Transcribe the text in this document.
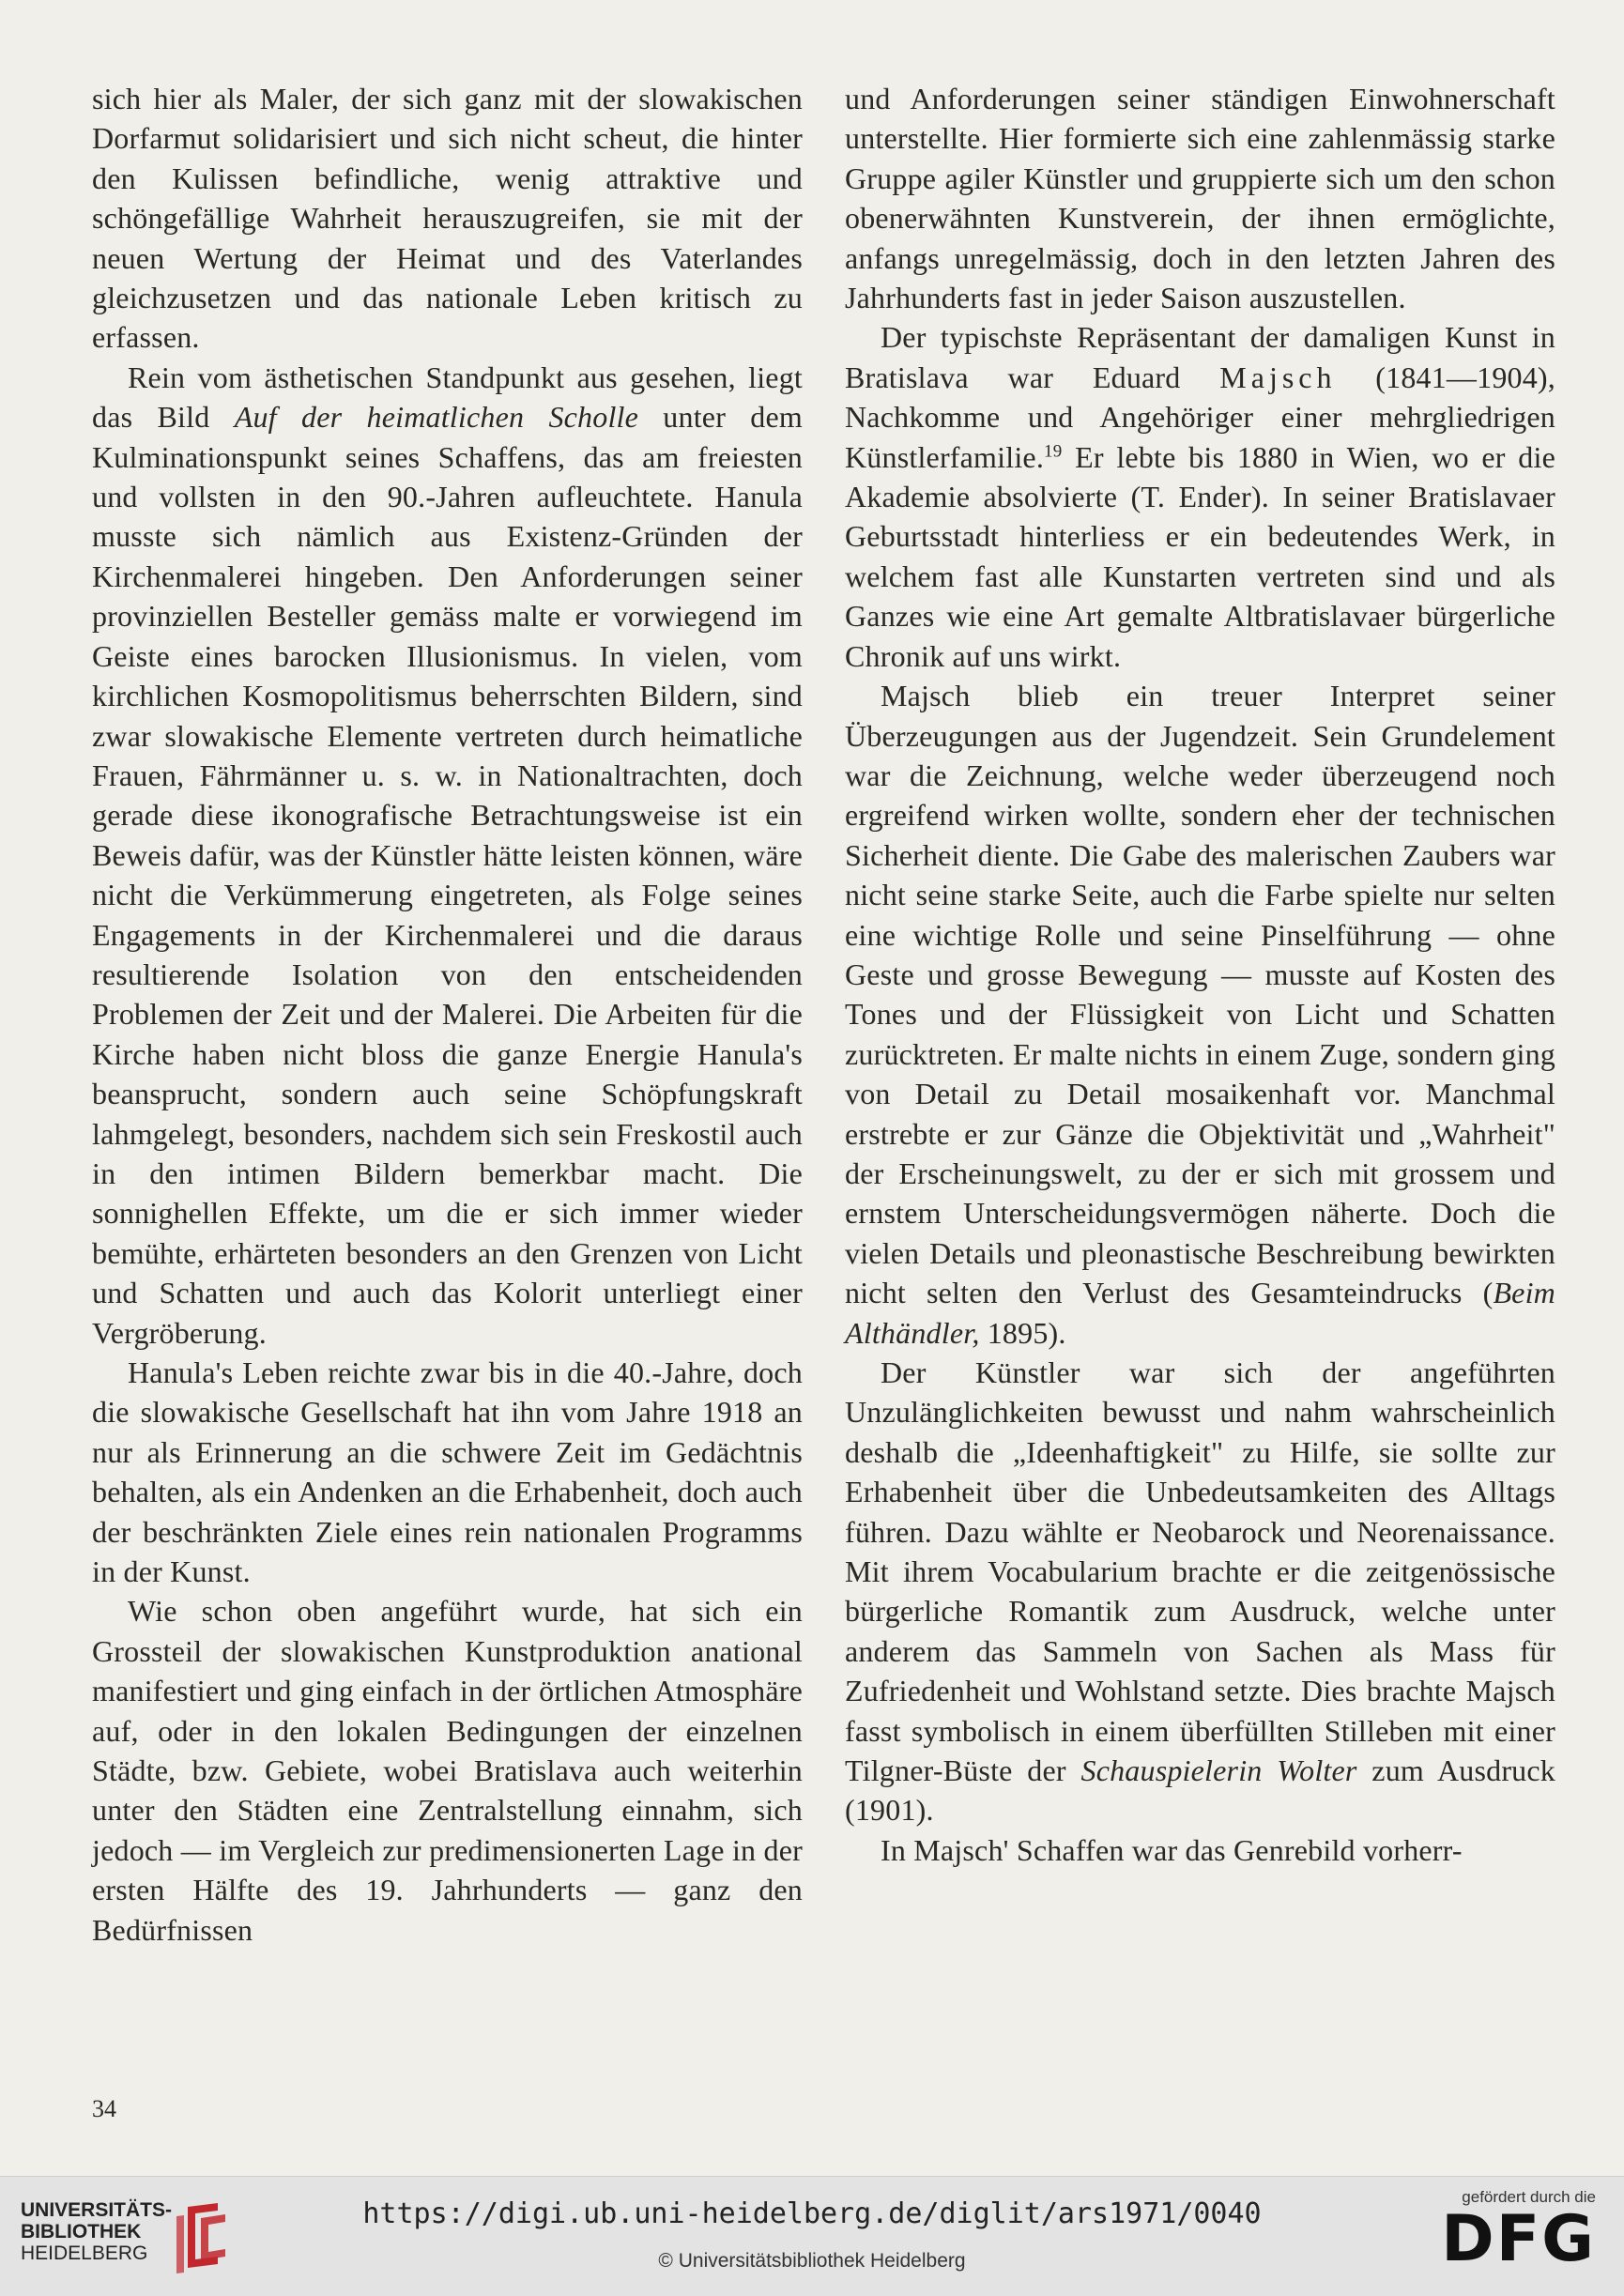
sich hier als Maler, der sich ganz mit der slowakischen Dorfarmut solidarisiert und sich nicht scheut, die hinter den Kulissen befindliche, wenig attraktive und schöngefällige Wahrheit herauszugreifen, sie mit der neuen Wertung der Heimat und des Vaterlandes gleichzusetzen und das nationale Leben kritisch zu erfassen.

Rein vom ästhetischen Standpunkt aus gesehen, liegt das Bild Auf der heimatlichen Scholle unter dem Kulminationspunkt seines Schaffens, das am freiesten und vollsten in den 90.-Jahren aufleuchtete. Hanula musste sich nämlich aus Existenz-Gründen der Kirchenmalerei hingeben. Den Anforderungen seiner provinziellen Besteller gemäss malte er vorwiegend im Geiste eines barocken Illusionismus. In vielen, vom kirchlichen Kosmopolitismus beherrschten Bildern, sind zwar slowakische Elemente vertreten durch heimatliche Frauen, Fährmänner u. s. w. in Nationaltrachten, doch gerade diese ikonografische Betrachtungsweise ist ein Beweis dafür, was der Künstler hätte leisten können, wäre nicht die Verkümmerung eingetreten, als Folge seines Engagements in der Kirchenmalerei und die daraus resultierende Isolation von den entscheidenden Problemen der Zeit und der Malerei. Die Arbeiten für die Kirche haben nicht bloss die ganze Energie Hanula's beansprucht, sondern auch seine Schöpfungskraft lahmgelegt, besonders, nachdem sich sein Freskostil auch in den intimen Bildern bemerkbar macht. Die sonnighellen Effekte, um die er sich immer wieder bemühte, erhärteten besonders an den Grenzen von Licht und Schatten und auch das Kolorit unterliegt einer Vergröberung.

Hanula's Leben reichte zwar bis in die 40.-Jahre, doch die slowakische Gesellschaft hat ihn vom Jahre 1918 an nur als Erinnerung an die schwere Zeit im Gedächtnis behalten, als ein Andenken an die Erhabenheit, doch auch der beschränkten Ziele eines rein nationalen Programms in der Kunst.

Wie schon oben angeführt wurde, hat sich ein Grossteil der slowakischen Kunstproduktion anational manifestiert und ging einfach in der örtlichen Atmosphäre auf, oder in den lokalen Bedingungen der einzelnen Städte, bzw. Gebiete, wobei Bratislava auch weiterhin unter den Städten eine Zentralstellung einnahm, sich jedoch — im Vergleich zur predimensionerten Lage in der ersten Hälfte des 19. Jahrhunderts — ganz den Bedürfnissen

und Anforderungen seiner ständigen Einwohnerschaft unterstellte. Hier formierte sich eine zahlenmässig starke Gruppe agiler Künstler und gruppierte sich um den schon obenerwähnten Kunstverein, der ihnen ermöglichte, anfangs unregelmässig, doch in den letzten Jahren des Jahrhunderts fast in jeder Saison auszustellen.

Der typischste Repräsentant der damaligen Kunst in Bratislava war Eduard Majsch (1841—1904), Nachkomme und Angehöriger einer mehrgliedrigen Künstlerfamilie.$^{19}$ Er lebte bis 1880 in Wien, wo er die Akademie absolvierte (T. Ender). In seiner Bratislavaer Geburtsstadt hinterliess er ein bedeutendes Werk, in welchem fast alle Kunstarten vertreten sind und als Ganzes wie eine Art gemalte Altbratislavaer bürgerliche Chronik auf uns wirkt.

Majsch blieb ein treuer Interpret seiner Überzeugungen aus der Jugendzeit. Sein Grundelement war die Zeichnung, welche weder überzeugend noch ergreifend wirken wollte, sondern eher der technischen Sicherheit diente. Die Gabe des malerischen Zaubers war nicht seine starke Seite, auch die Farbe spielte nur selten eine wichtige Rolle und seine Pinselführung — ohne Geste und grosse Bewegung — musste auf Kosten des Tones und der Flüssigkeit von Licht und Schatten zurücktreten. Er malte nichts in einem Zuge, sondern ging von Detail zu Detail mosaikenhaft vor. Manchmal erstrebte er zur Gänze die Objektivität und „Wahrheit" der Erscheinungswelt, zu der er sich mit grossem und ernstem Unterscheidungsvermögen näherte. Doch die vielen Details und pleonastische Beschreibung bewirkten nicht selten den Verlust des Gesamteindrucks (Beim Althändler, 1895).

Der Künstler war sich der angeführten Unzulänglichkeiten bewusst und nahm wahrscheinlich deshalb die „Ideenhaftigkeit" zu Hilfe, sie sollte zur Erhabenheit über die Unbedeutsamkeiten des Alltags führen. Dazu wählte er Neobarock und Neorenaissance. Mit ihrem Vocabularium brachte er die zeitgenössische bürgerliche Romantik zum Ausdruck, welche unter anderem das Sammeln von Sachen als Mass für Zufriedenheit und Wohlstand setzte. Dies brachte Majsch fasst symbolisch in einem überfüllten Stilleben mit einer Tilgner-Büste der Schauspielerin Wolter zum Ausdruck (1901).

In Majsch' Schaffen war das Genrebild vorherr-

34
UNIVERSITÄTS-
BIBLIOTHEK
HEIDELBERG
https://digi.ub.uni-heidelberg.de/diglit/ars1971/0040
© Universitätsbibliothek Heidelberg
gefördert durch die
DFG
